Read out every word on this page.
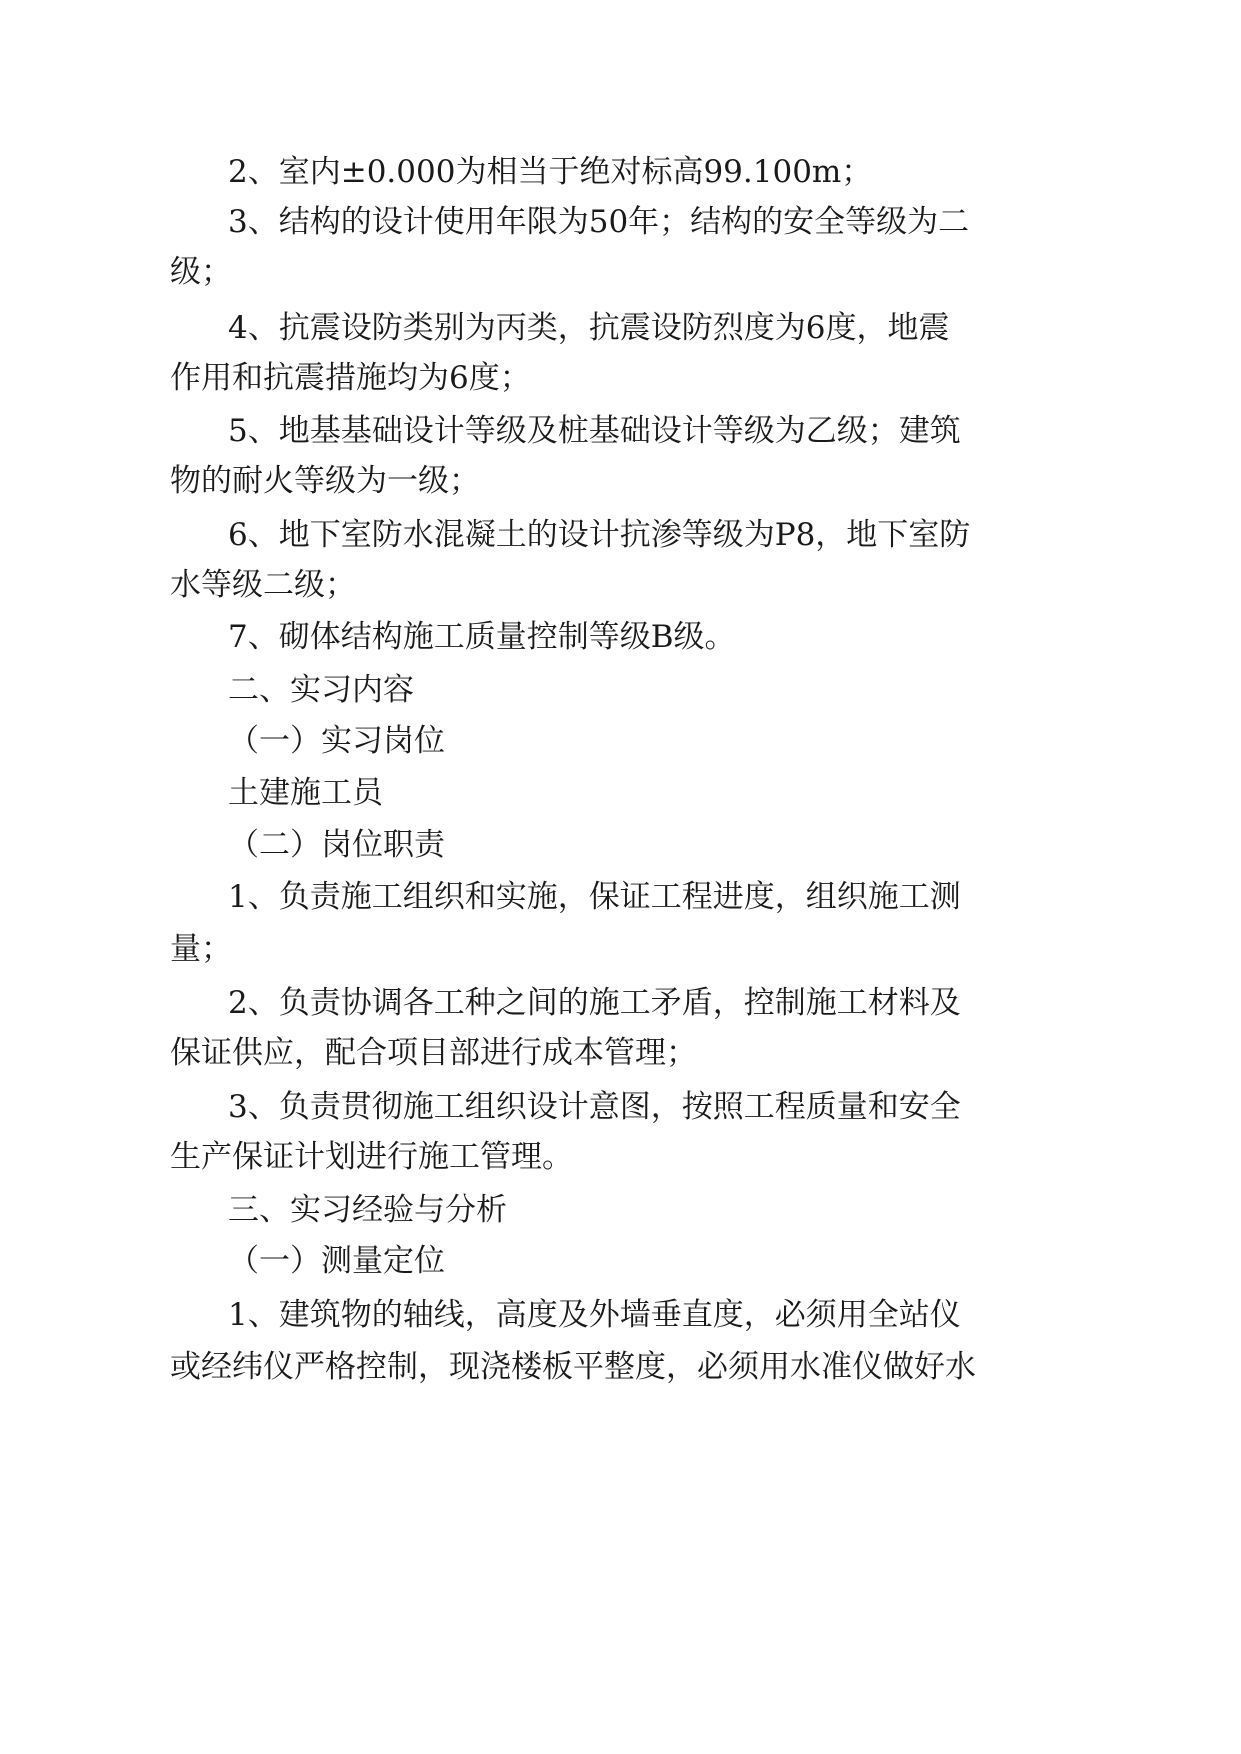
2、室内±0.000为相当于绝对标高99.100m；
3、结构的设计使用年限为50年；结构的安全等级为二
级；
4、抗震设防类别为丙类，抗震设防烈度为6度，地震
作用和抗震措施均为6度；
5、地基基础设计等级及桩基础设计等级为乙级；建筑
物的耐火等级为一级；
6、地下室防水混凝土的设计抗渗等级为P8，地下室防
水等级二级；
7、砌体结构施工质量控制等级B级。
二、实习内容
（一）实习岗位
土建施工员
（二）岗位职责
1、负责施工组织和实施，保证工程进度，组织施工测
量；
2、负责协调各工种之间的施工矛盾，控制施工材料及
保证供应，配合项目部进行成本管理；
3、负责贯彻施工组织设计意图，按照工程质量和安全
生产保证计划进行施工管理。
三、实习经验与分析
（一）测量定位
1、建筑物的轴线，高度及外墙垂直度，必须用全站仪
或经纬仪严格控制，现浇楼板平整度，必须用水准仪做好水
